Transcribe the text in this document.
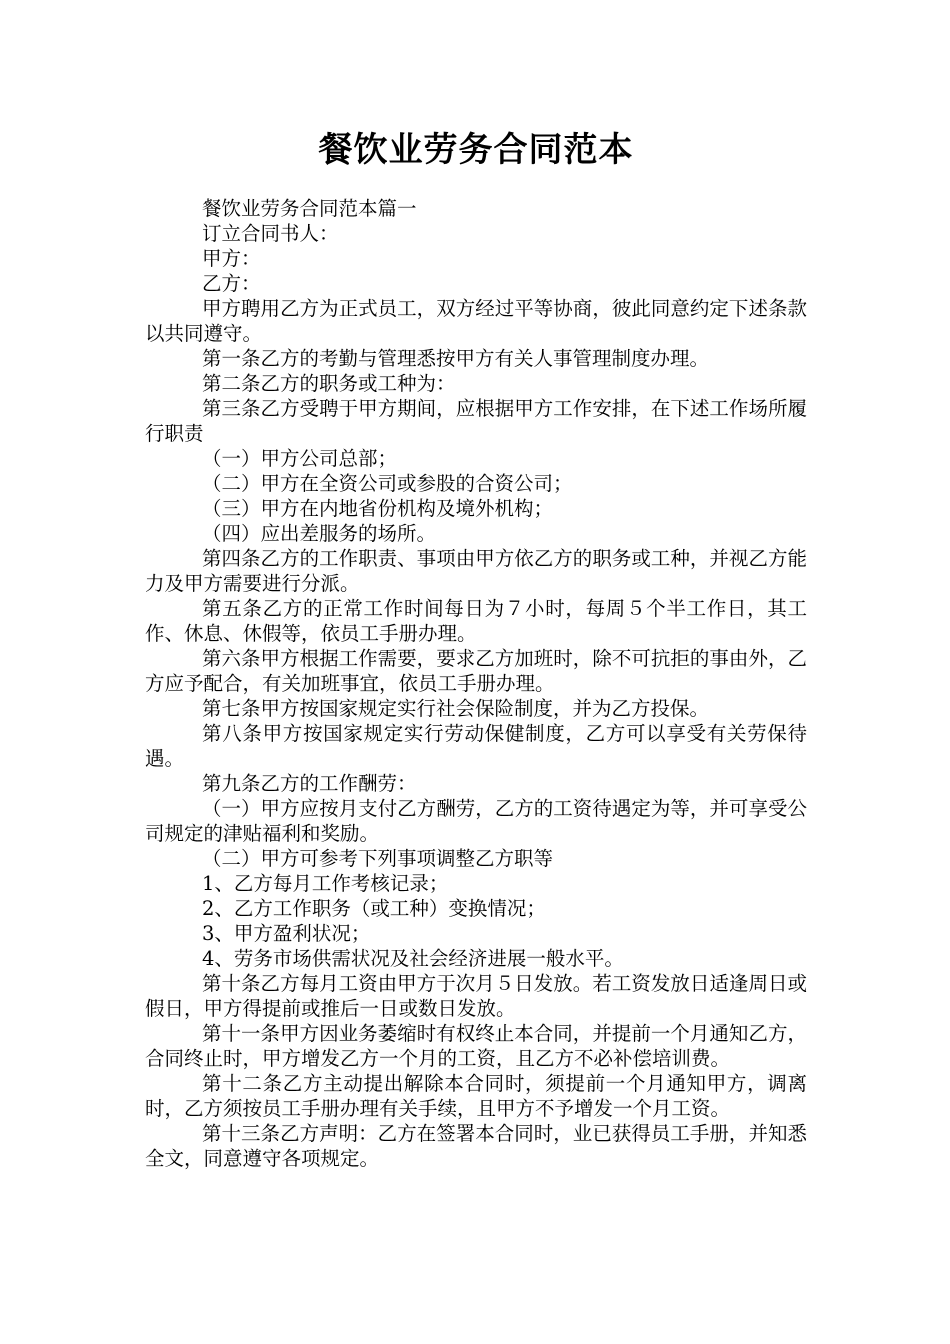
餐饮业劳务合同范本

餐饮业劳务合同范本篇一

订立合同书人：

甲方：

乙方：

甲方聘用乙方为正式员工，双方经过平等协商，彼此同意约定下述条款以共同遵守。

第一条乙方的考勤与管理悉按甲方有关人事管理制度办理。

第二条乙方的职务或工种为：

第三条乙方受聘于甲方期间，应根据甲方工作安排，在下述工作场所履行职责

（一）甲方公司总部；

（二）甲方在全资公司或参股的合资公司；

（三）甲方在内地省份机构及境外机构；

（四）应出差服务的场所。

第四条乙方的工作职责、事项由甲方依乙方的职务或工种，并视乙方能力及甲方需要进行分派。

第五条乙方的正常工作时间每日为７小时，每周５个半工作日，其工作、休息、休假等，依员工手册办理。

第六条甲方根据工作需要，要求乙方加班时，除不可抗拒的事由外，乙方应予配合，有关加班事宜，依员工手册办理。

第七条甲方按国家规定实行社会保险制度，并为乙方投保。

第八条甲方按国家规定实行劳动保健制度，乙方可以享受有关劳保待遇。

第九条乙方的工作酬劳：

（一）甲方应按月支付乙方酬劳，乙方的工资待遇定为等，并可享受公司规定的津贴福利和奖励。

（二）甲方可参考下列事项调整乙方职等

1、乙方每月工作考核记录；

2、乙方工作职务（或工种）变换情况；

3、甲方盈利状况；

4、劳务市场供需状况及社会经济进展一般水平。

第十条乙方每月工资由甲方于次月５日发放。若工资发放日适逢周日或假日，甲方得提前或推后一日或数日发放。

第十一条甲方因业务萎缩时有权终止本合同，并提前一个月通知乙方，合同终止时，甲方增发乙方一个月的工资，且乙方不必补偿培训费。

第十二条乙方主动提出解除本合同时，须提前一个月通知甲方，调离时，乙方须按员工手册办理有关手续，且甲方不予增发一个月工资。

第十三条乙方声明：乙方在签署本合同时，业已获得员工手册，并知悉全文，同意遵守各项规定。
